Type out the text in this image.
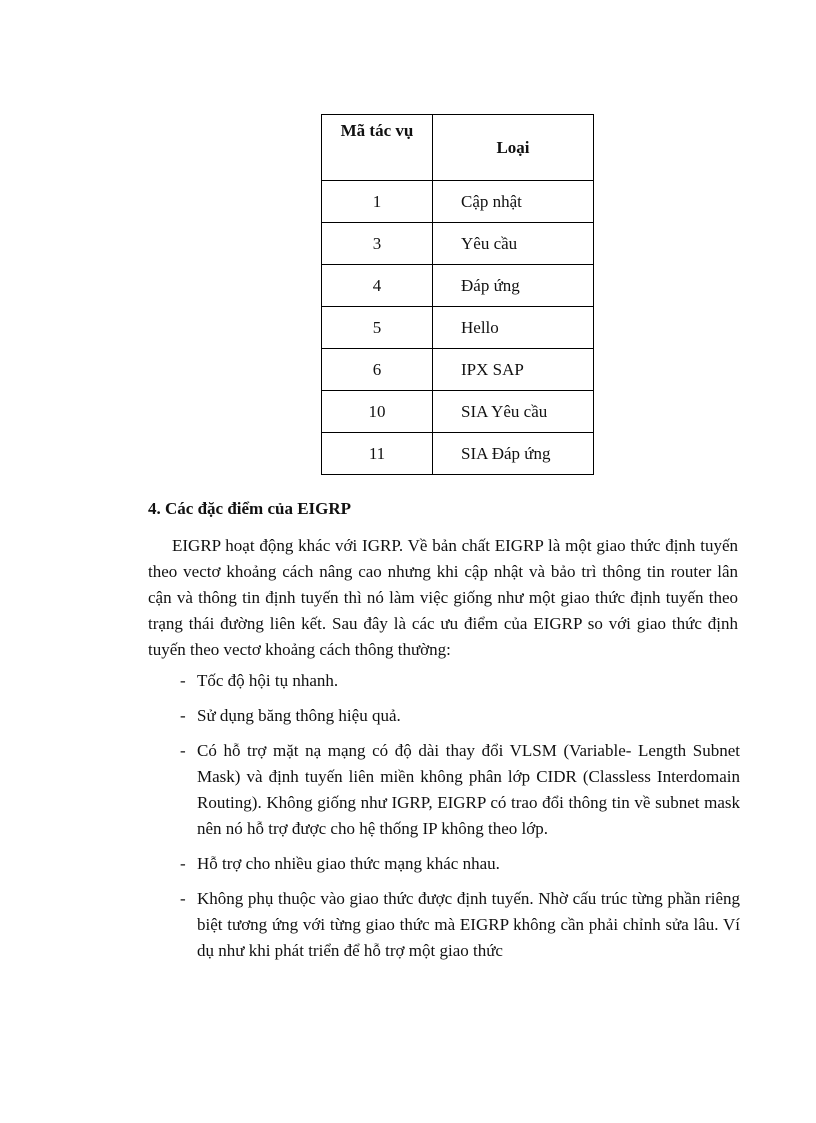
Mã tác vụ	Loại
1	Cập nhật
3	Yêu cầu
4	Đáp ứng
5	Hello
6	IPX SAP
10	SIA Yêu cầu
11	SIA Đáp ứng
4. Các đặc điểm của EIGRP

EIGRP hoạt động khác với IGRP. Về bản chất EIGRP là một giao thức định tuyến theo vectơ khoảng cách nâng cao nhưng khi cập nhật và bảo trì thông tin router lân cận và thông tin định tuyến thì nó làm việc giống như một giao thức định tuyến theo trạng thái đường liên kết. Sau đây là các ưu điểm của EIGRP so với giao thức định tuyến theo vectơ khoảng cách thông thường:

- Tốc độ hội tụ nhanh.
- Sử dụng băng thông hiệu quả.
- Có hỗ trợ mặt nạ mạng có độ dài thay đổi VLSM (Variable- Length Subnet Mask) và định tuyến liên miền không phân lớp CIDR (Classless Interdomain Routing). Không giống như IGRP, EIGRP có trao đổi thông tin về subnet mask nên nó hỗ trợ được cho hệ thống IP không theo lớp.
- Hỗ trợ cho nhiều giao thức mạng khác nhau.
- Không phụ thuộc vào giao thức được định tuyến. Nhờ cấu trúc từng phần riêng biệt tương ứng với từng giao thức mà EIGRP không cần phải chỉnh sửa lâu. Ví dụ như khi phát triển để hỗ trợ một giao thức
